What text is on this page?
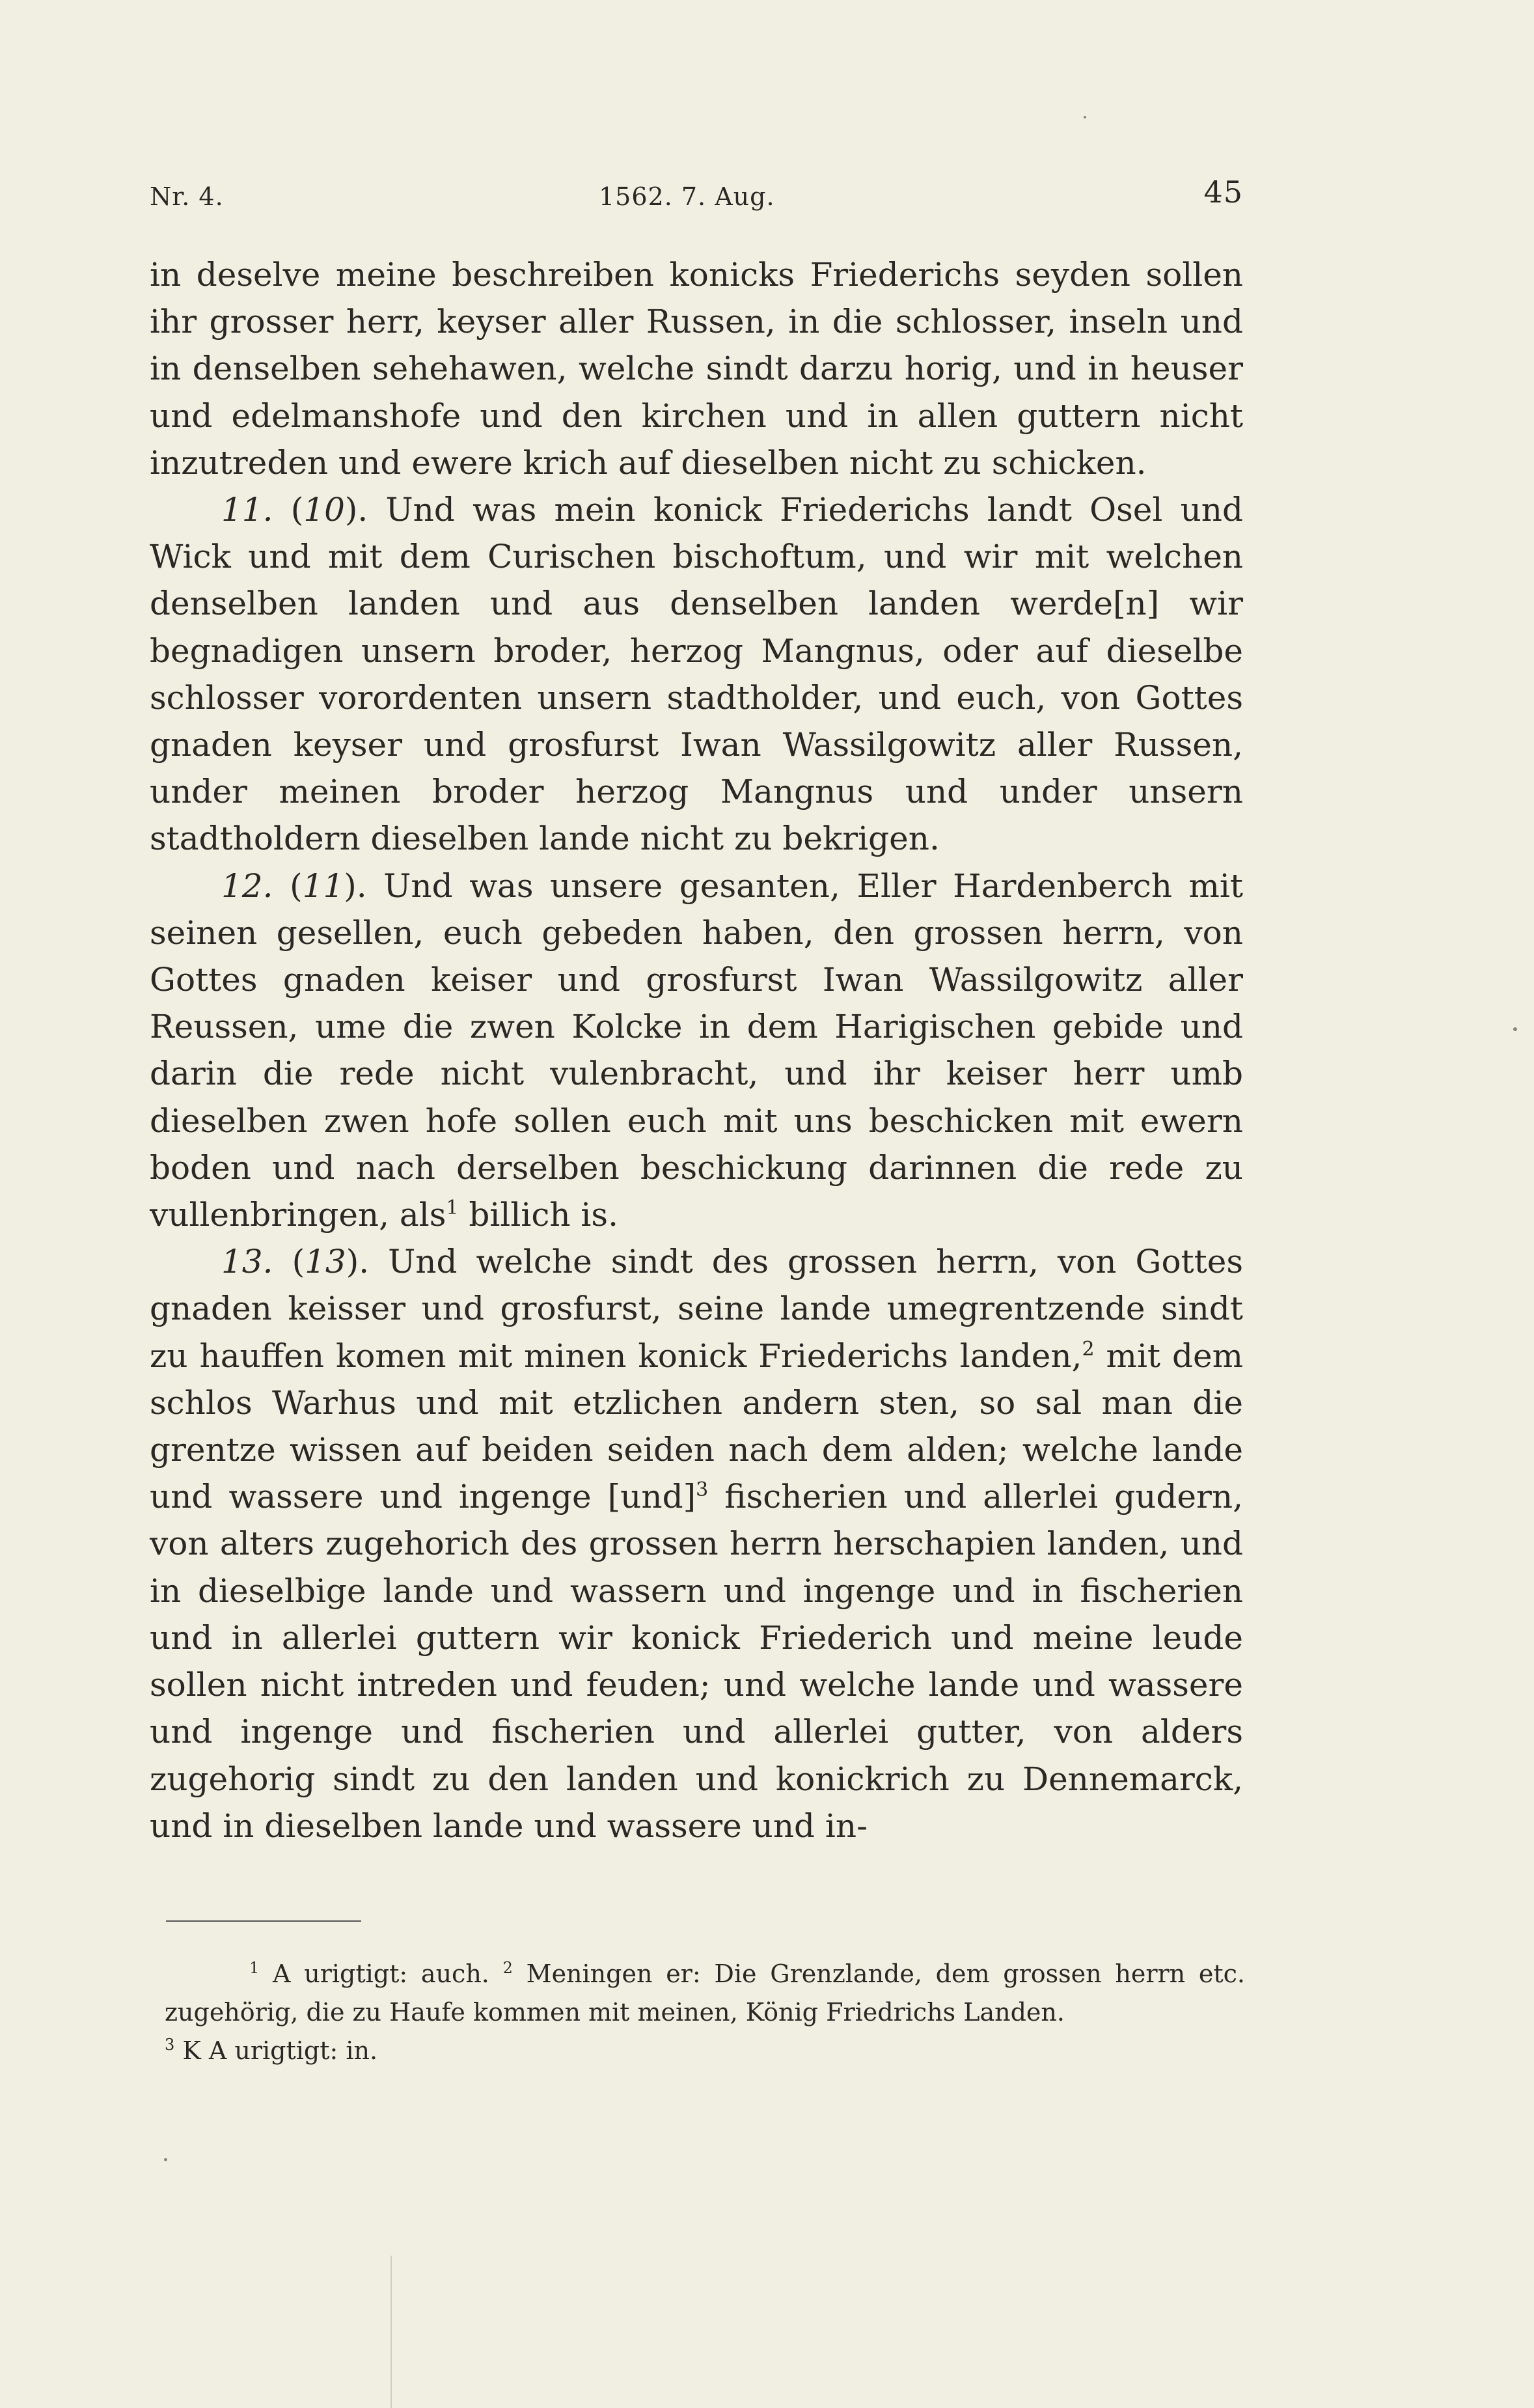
Nr. 4.	1562. 7. Aug.	45

in deselve meine beschreiben konicks Friederichs seyden sollen ihr grosser herr, keyser aller Russen, in die schlosser, inseln und in denselben sehehawen, welche sindt darzu horig, und in heuser und edelmanshofe und den kirchen und in allen guttern nicht inzutreden und ewere krich auf dieselben nicht zu schicken.

11. (10). Und was mein konick Friederichs landt Osel und Wick und mit dem Curischen bischoftum, und wir mit welchen denselben landen und aus denselben landen werde[n] wir begnadigen unsern broder, herzog Mangnus, oder auf dieselbe schlosser vorordenten unsern stadtholder, und euch, von Gottes gnaden keyser und grosfurst Iwan Wassilgowitz aller Russen, under meinen broder herzog Mangnus und under unsern stadtholdern dieselben lande nicht zu bekrigen.

12. (11). Und was unsere gesanten, Eller Hardenberch mit seinen gesellen, euch gebeden haben, den grossen herrn, von Gottes gnaden keiser und grosfurst Iwan Wassilgowitz aller Reussen, ume die zwen Kolcke in dem Harigischen gebide und darin die rede nicht vulenbracht, und ihr keiser herr umb dieselben zwen hofe sollen euch mit uns beschicken mit ewern boden und nach derselben beschickung darinnen die rede zu vullenbringen, als$^1$ billich is.

13. (13). Und welche sindt des grossen herrn, von Gottes gnaden keisser und grosfurst, seine lande umegrentzende sindt zu hauffen komen mit minen konick Friederichs landen,$^2$ mit dem schlos Warhus und mit etzlichen andern sten, so sal man die grentze wissen auf beiden seiden nach dem alden; welche lande und wassere und ingenge [und]$^3$ fischerien und allerlei gudern, von alters zugehorich des grossen herrn herschapien landen, und in dieselbige lande und wassern und ingenge und in fischerien und in allerlei guttern wir konick Friederich und meine leude sollen nicht intreden und feuden; und welche lande und wassere und ingenge und fischerien und allerlei gutter, von alders zugehorig sindt zu den landen und konickrich zu Dennemarck, und in dieselben lande und wassere und in-

$^1$ A urigtigt: auch. $^2$ Meningen er: Die Grenzlande, dem grossen herrn etc. zugehörig, die zu Haufe kommen mit meinen, König Friedrichs Landen.

$^3$ K A urigtigt: in.
